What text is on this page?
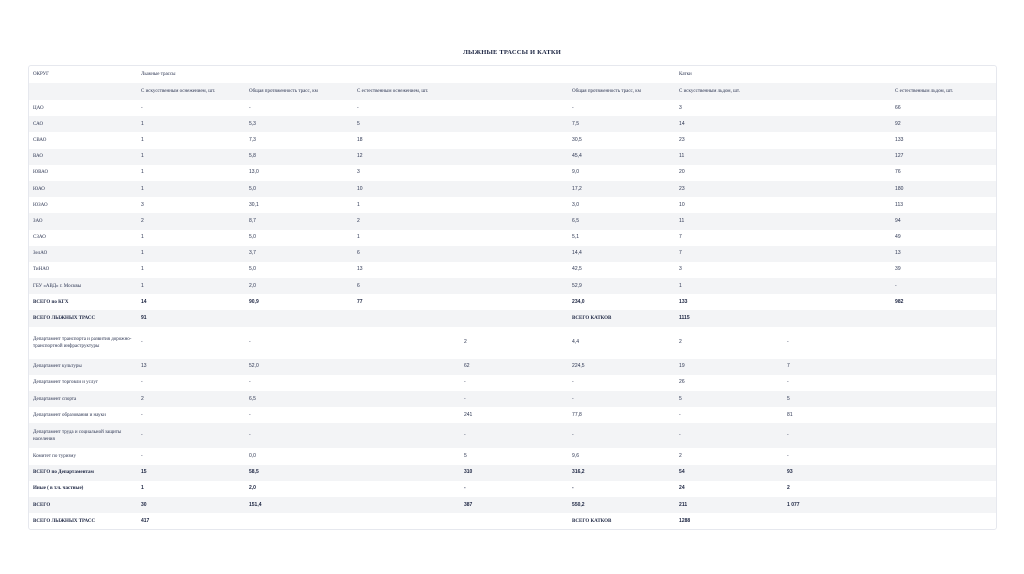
ЛЫЖНЫЕ ТРАССЫ И КАТКИ
ОКРУГ	Лыжные трассы					Катки		
	С искусственным оснежением, шт.	Общая протяженность трасс, км	С естественным оснежением, шт.		Общая протяженность трасс, км	С искусственным льдом, шт.		С естественным льдом, шт.
ЦАО	-	-	-		-	3		66
САО	1	5,3	5		7,5	14		92
СВАО	1	7,3	18		30,5	23		133
ВАО	1	5,8	12		45,4	11		127
ЮВАО	1	13,0	3		9,0	20		76
ЮАО	1	5,0	10		17,2	23		180
ЮЗАО	3	30,1	1		3,0	10		113
ЗАО	2	8,7	2		6,5	11		94
СЗАО	1	5,0	1		5,1	7		49
ЗелАО	1	3,7	6		14,4	7		13
ТиНАО	1	5,0	13		42,5	3		39
ГБУ «АВД» г. Москвы	1	2,0	6		52,9	1		-
ВСЕГО по КГХ	14	90,9	77		234,0	133		982
ВСЕГО ЛЫЖНЫХ ТРАСС	91				ВСЕГО КАТКОВ	1115		
Департамент транспорта и развития дорожно-транспортной инфраструктуры	-	-		2	4,4	2	-	
Департамент культуры	13	52,0		62	224,5	19	7	
Департамент торговли и услуг	-	-		-	-	26	-	
Департамент спорта	2	6,5		-	-	5	5	
Департамент образования и науки	-	-		241	77,8	-	81	
Департамент труда и социальной защиты населения	-	-		-	-	-	-	
Комитет по туризму	-	0,0		5	9,6	2	-	
ВСЕГО по Департаментам	15	58,5		310	316,2	54	93	
Иные ( в т.ч. частные)	1	2,0		-	-	24	2	
ВСЕГО	30	151,4		387	550,2	211	1 077	
ВСЕГО ЛЫЖНЫХ ТРАСС	417				ВСЕГО КАТКОВ	1288		
